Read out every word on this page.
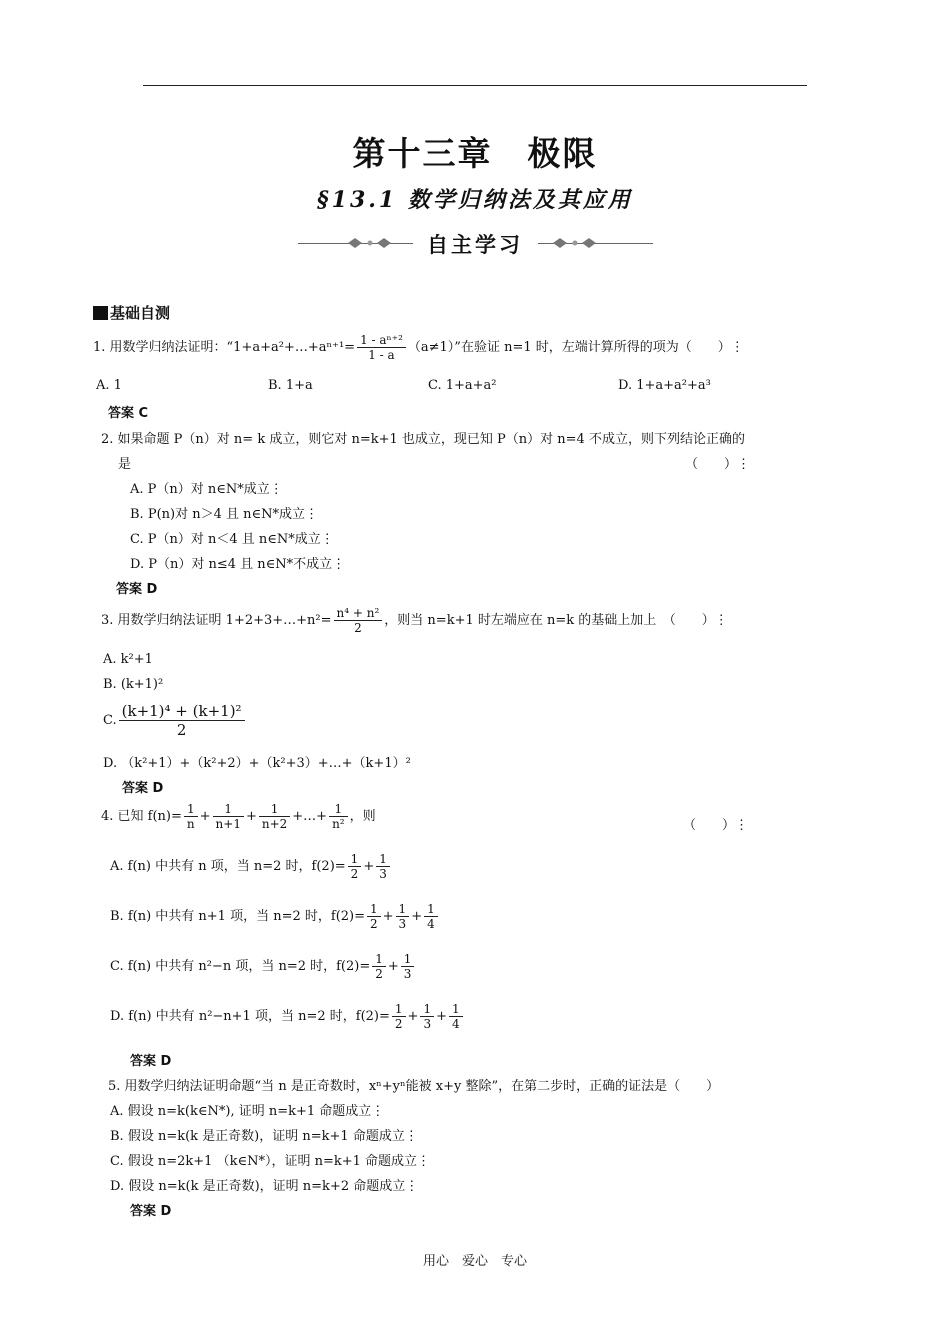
第十三章　极限
§13.1 数学归纳法及其应用
自主学习
基础自测
1. 用数学归纳法证明：“1+a+a²+…+aⁿ⁺¹= $\frac{\text{1 - aⁿ⁺²}}{1 - a} (a\ne 1)$”在验证 n=1 时，左端计算所得的项为（　　）⋮
A. 1	B. 1+a	C. 1+a+a²	D. 1+a+a²+a³
答案 C
2. 如果命题 P（n）对 n= k 成立，则它对 n=k+1 也成立，现已知 P（n）对 n=4 不成立，则下列结论正确的
是	（　　）⋮
A. P（n）对 n∈N*成立⋮
B. P(n)对 n＞4 且 n∈N*成立⋮
C. P（n）对 n＜4 且 n∈N*成立⋮
D. P（n）对 n≤4 且 n∈N*不成立⋮
答案 D
3. 用数学归纳法证明 1+2+3+…+n²= $\frac{\text{n⁴ + n²}}{2}$ ，则当 n=k+1 时左端应在 n=k 的基础上加上　（　　）⋮
A. k²+1
B. (k+1)²
C. $\frac{\text{(k+1)⁴ + (k+1)²}}{2}$
D. （k²+1）+（k²+2）+（k²+3）+…+（k+1）²
答案 D
4. 已知 $f(n)= \frac{1}{n} + \frac{1}{n+1} + \frac{1}{n+2}$ +…+ $\frac{1}{\text{n²}}$ ，则
（　　）⋮
A. f(n) 中共有 n 项，当 n=2 时，$f(2)= \frac{1}{2} + \frac{1}{3}$
B. f(n) 中共有 n+1 项，当 n=2 时，$f(2)= \frac{1}{2} + \frac{1}{3} + \frac{1}{4}$
C. f(n) 中共有 n²−n 项，当 n=2 时，$f(2)= \frac{1}{2} + \frac{1}{3}$
D. f(n) 中共有 n²−n+1 项，当 n=2 时，$f(2)= \frac{1}{2} + \frac{1}{3} + \frac{1}{4}$
答案 D
5. 用数学归纳法证明命题“当 n 是正奇数时，xⁿ+yⁿ能被 x+y 整除”，在第二步时，正确的证法是（　　）
A. 假设 n=k(k∈N*), 证明 n=k+1 命题成立⋮
B. 假设 n=k(k 是正奇数)，证明 n=k+1 命题成立⋮
C. 假设 n=2k+1 （k∈N*），证明 n=k+1 命题成立⋮
D. 假设 n=k(k 是正奇数)，证明 n=k+2 命题成立⋮
答案 D
用心　爱心　专心
